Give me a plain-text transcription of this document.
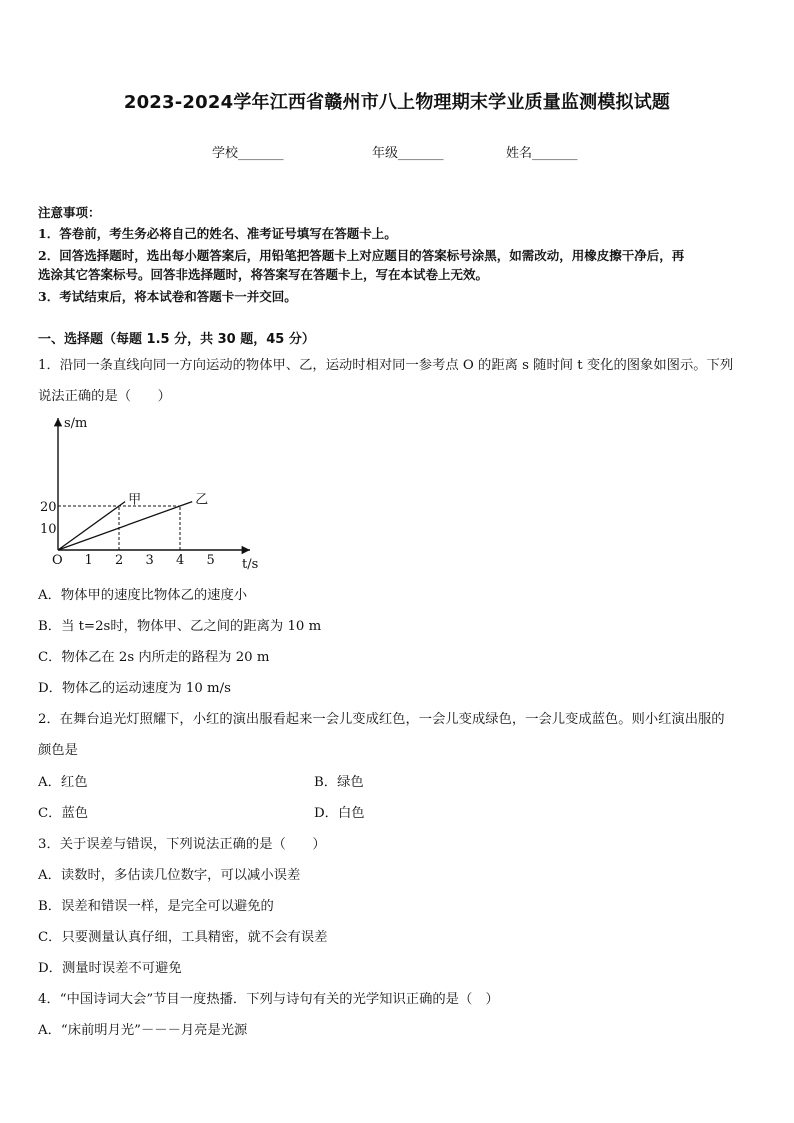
2023-2024学年江西省赣州市八上物理期末学业质量监测模拟试题
学校_______	年级_______	姓名_______
注意事项：
1．答卷前，考生务必将自己的姓名、准考证号填写在答题卡上。
2．回答选择题时，选出每小题答案后，用铅笔把答题卡上对应题目的答案标号涂黑，如需改动，用橡皮擦干净后，再
选涂其它答案标号。回答非选择题时，将答案写在答题卡上，写在本试卷上无效。
3．考试结束后，将本试卷和答题卡一并交回。
一、选择题（每题 1.5 分，共 30 题，45 分）
1．沿同一条直线向同一方向运动的物体甲、乙，运动时相对同一参考点 O 的距离 s 随时间 t 变化的图象如图示。下列
说法正确的是（　　）
1 2 3 4 5
10
20
s/m
t/s
O
甲	乙
A．物体甲的速度比物体乙的速度小
B．当 t=2s时，物体甲、乙之间的距离为 10 m
C．物体乙在 2s 内所走的路程为 20 m
D．物体乙的运动速度为 10 m/s
2．在舞台追光灯照耀下，小红的演出服看起来一会儿变成红色，一会儿变成绿色，一会儿变成蓝色。则小红演出服的
颜色是
A．红色	B．绿色
C．蓝色	D．白色
3．关于误差与错误，下列说法正确的是（　　）
A．读数时，多估读几位数字，可以减小误差
B．误差和错误一样，是完全可以避免的
C．只要测量认真仔细，工具精密，就不会有误差
D．测量时误差不可避免
4．“中国诗词大会”节目一度热播．下列与诗句有关的光学知识正确的是（　）
A．“床前明月光”－－－月亮是光源
